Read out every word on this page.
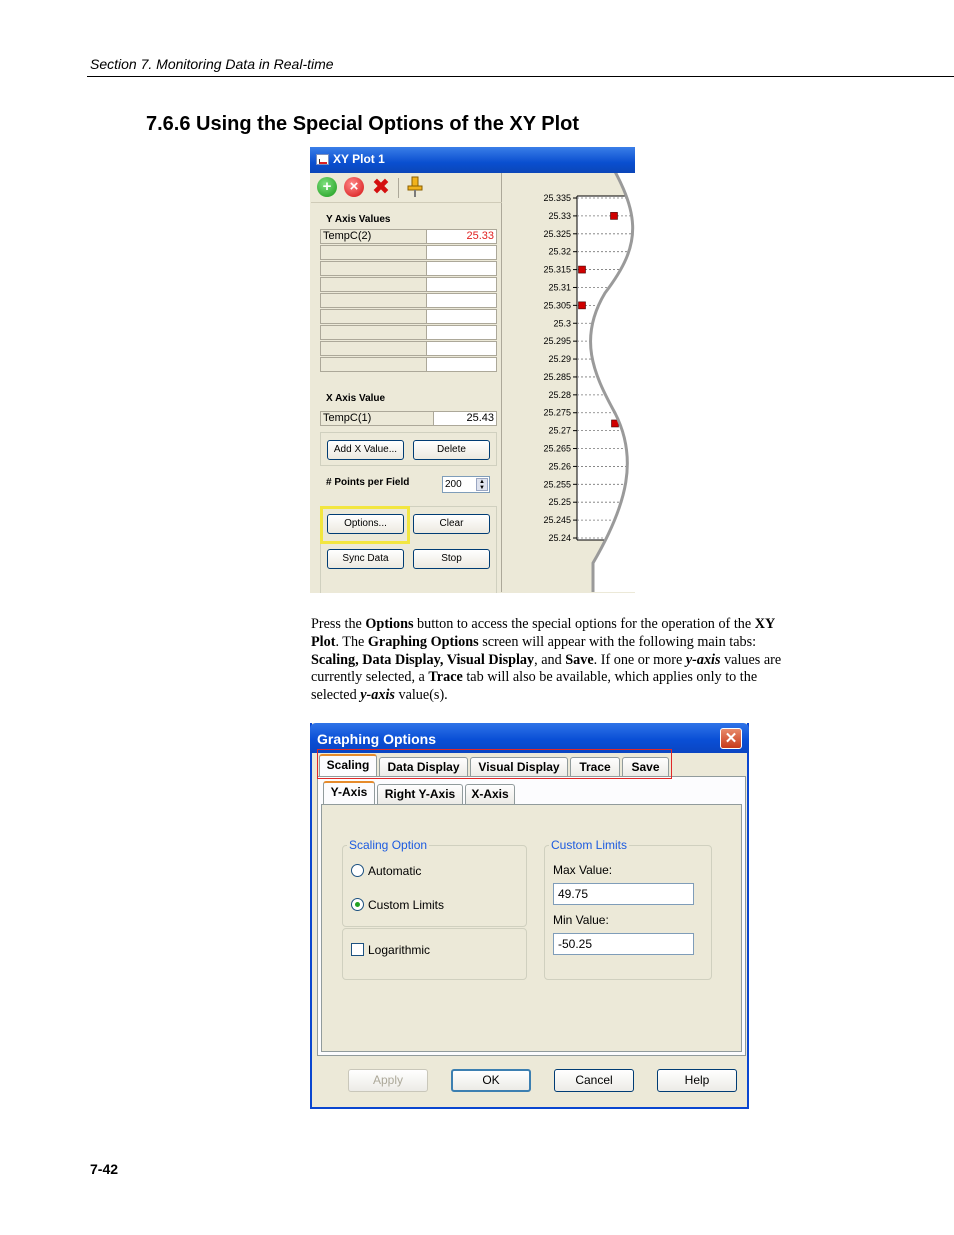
Section 7. Monitoring Data in Real-time
7.6.6 Using the Special Options of the XY Plot
XY Plot 1
+	× ✖
Y Axis Values
TempC(2)	25.33
X Axis Value
TempC(1)	25.43
Add X Value...	Delete
# Points per Field	200	▲
▼
Options...	Clear
Sync Data	Stop
25.335
25.33
25.325
25.32
25.315
25.31
25.305
25.3
25.295
25.29
25.285
25.28
25.275
25.27
25.265
25.26
25.255
25.25
25.245
25.24
Press the Options button to access the special options for the operation of the XY Plot. The Graphing Options screen will appear with the following main tabs: Scaling, Data Display, Visual Display, and Save. If one or more y-axis values are currently selected, a Trace tab will also be available, which applies only to the selected y-axis value(s).
Graphing Options	✕
Scaling	Data Display	Visual Display	Trace	Save
Y-Axis	Right Y-Axis	X-Axis
Scaling Option
Automatic
Custom Limits
Logarithmic
Custom Limits
Max Value:
49.75
Min Value:
-50.25
Apply	OK	Cancel	Help
7-42
